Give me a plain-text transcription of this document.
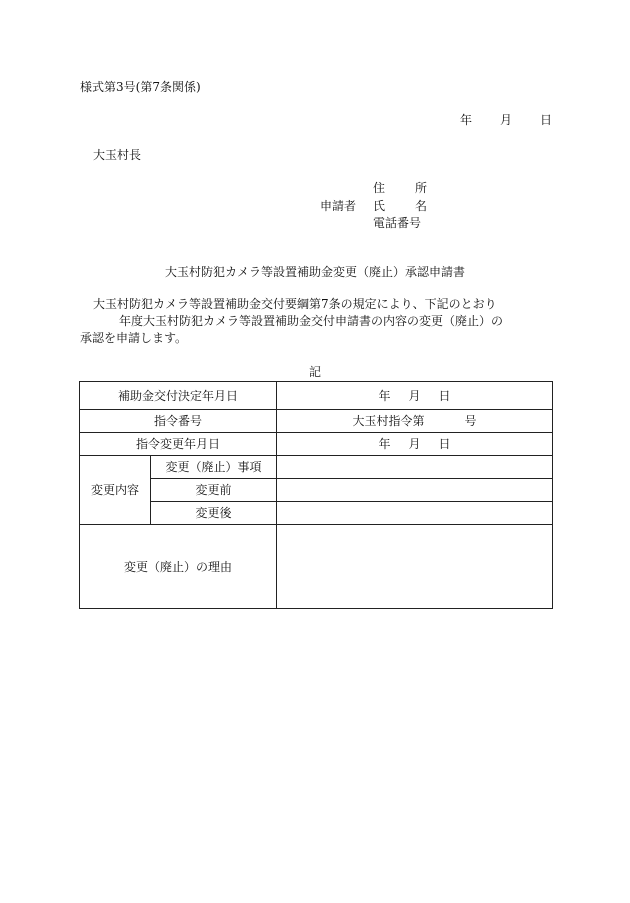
様式第3号(第7条関係)
年 月 日
大玉村長
申請者
住 所
氏 名
電話番号
大玉村防犯カメラ等設置補助金変更（廃止）承認申請書
大玉村防犯カメラ等設置補助金交付要綱第7条の規定により、下記のとおり
年度大玉村防犯カメラ等設置補助金交付申請書の内容の変更（廃止）の
承認を申請します。
記
補助金交付決定年月日		年 月 日
指令番号		大玉村指令第 号
指令変更年月日		年 月 日
変更内容	変更（廃止）事項	
	変更前	
	変更後	
変更（廃止）の理由		
